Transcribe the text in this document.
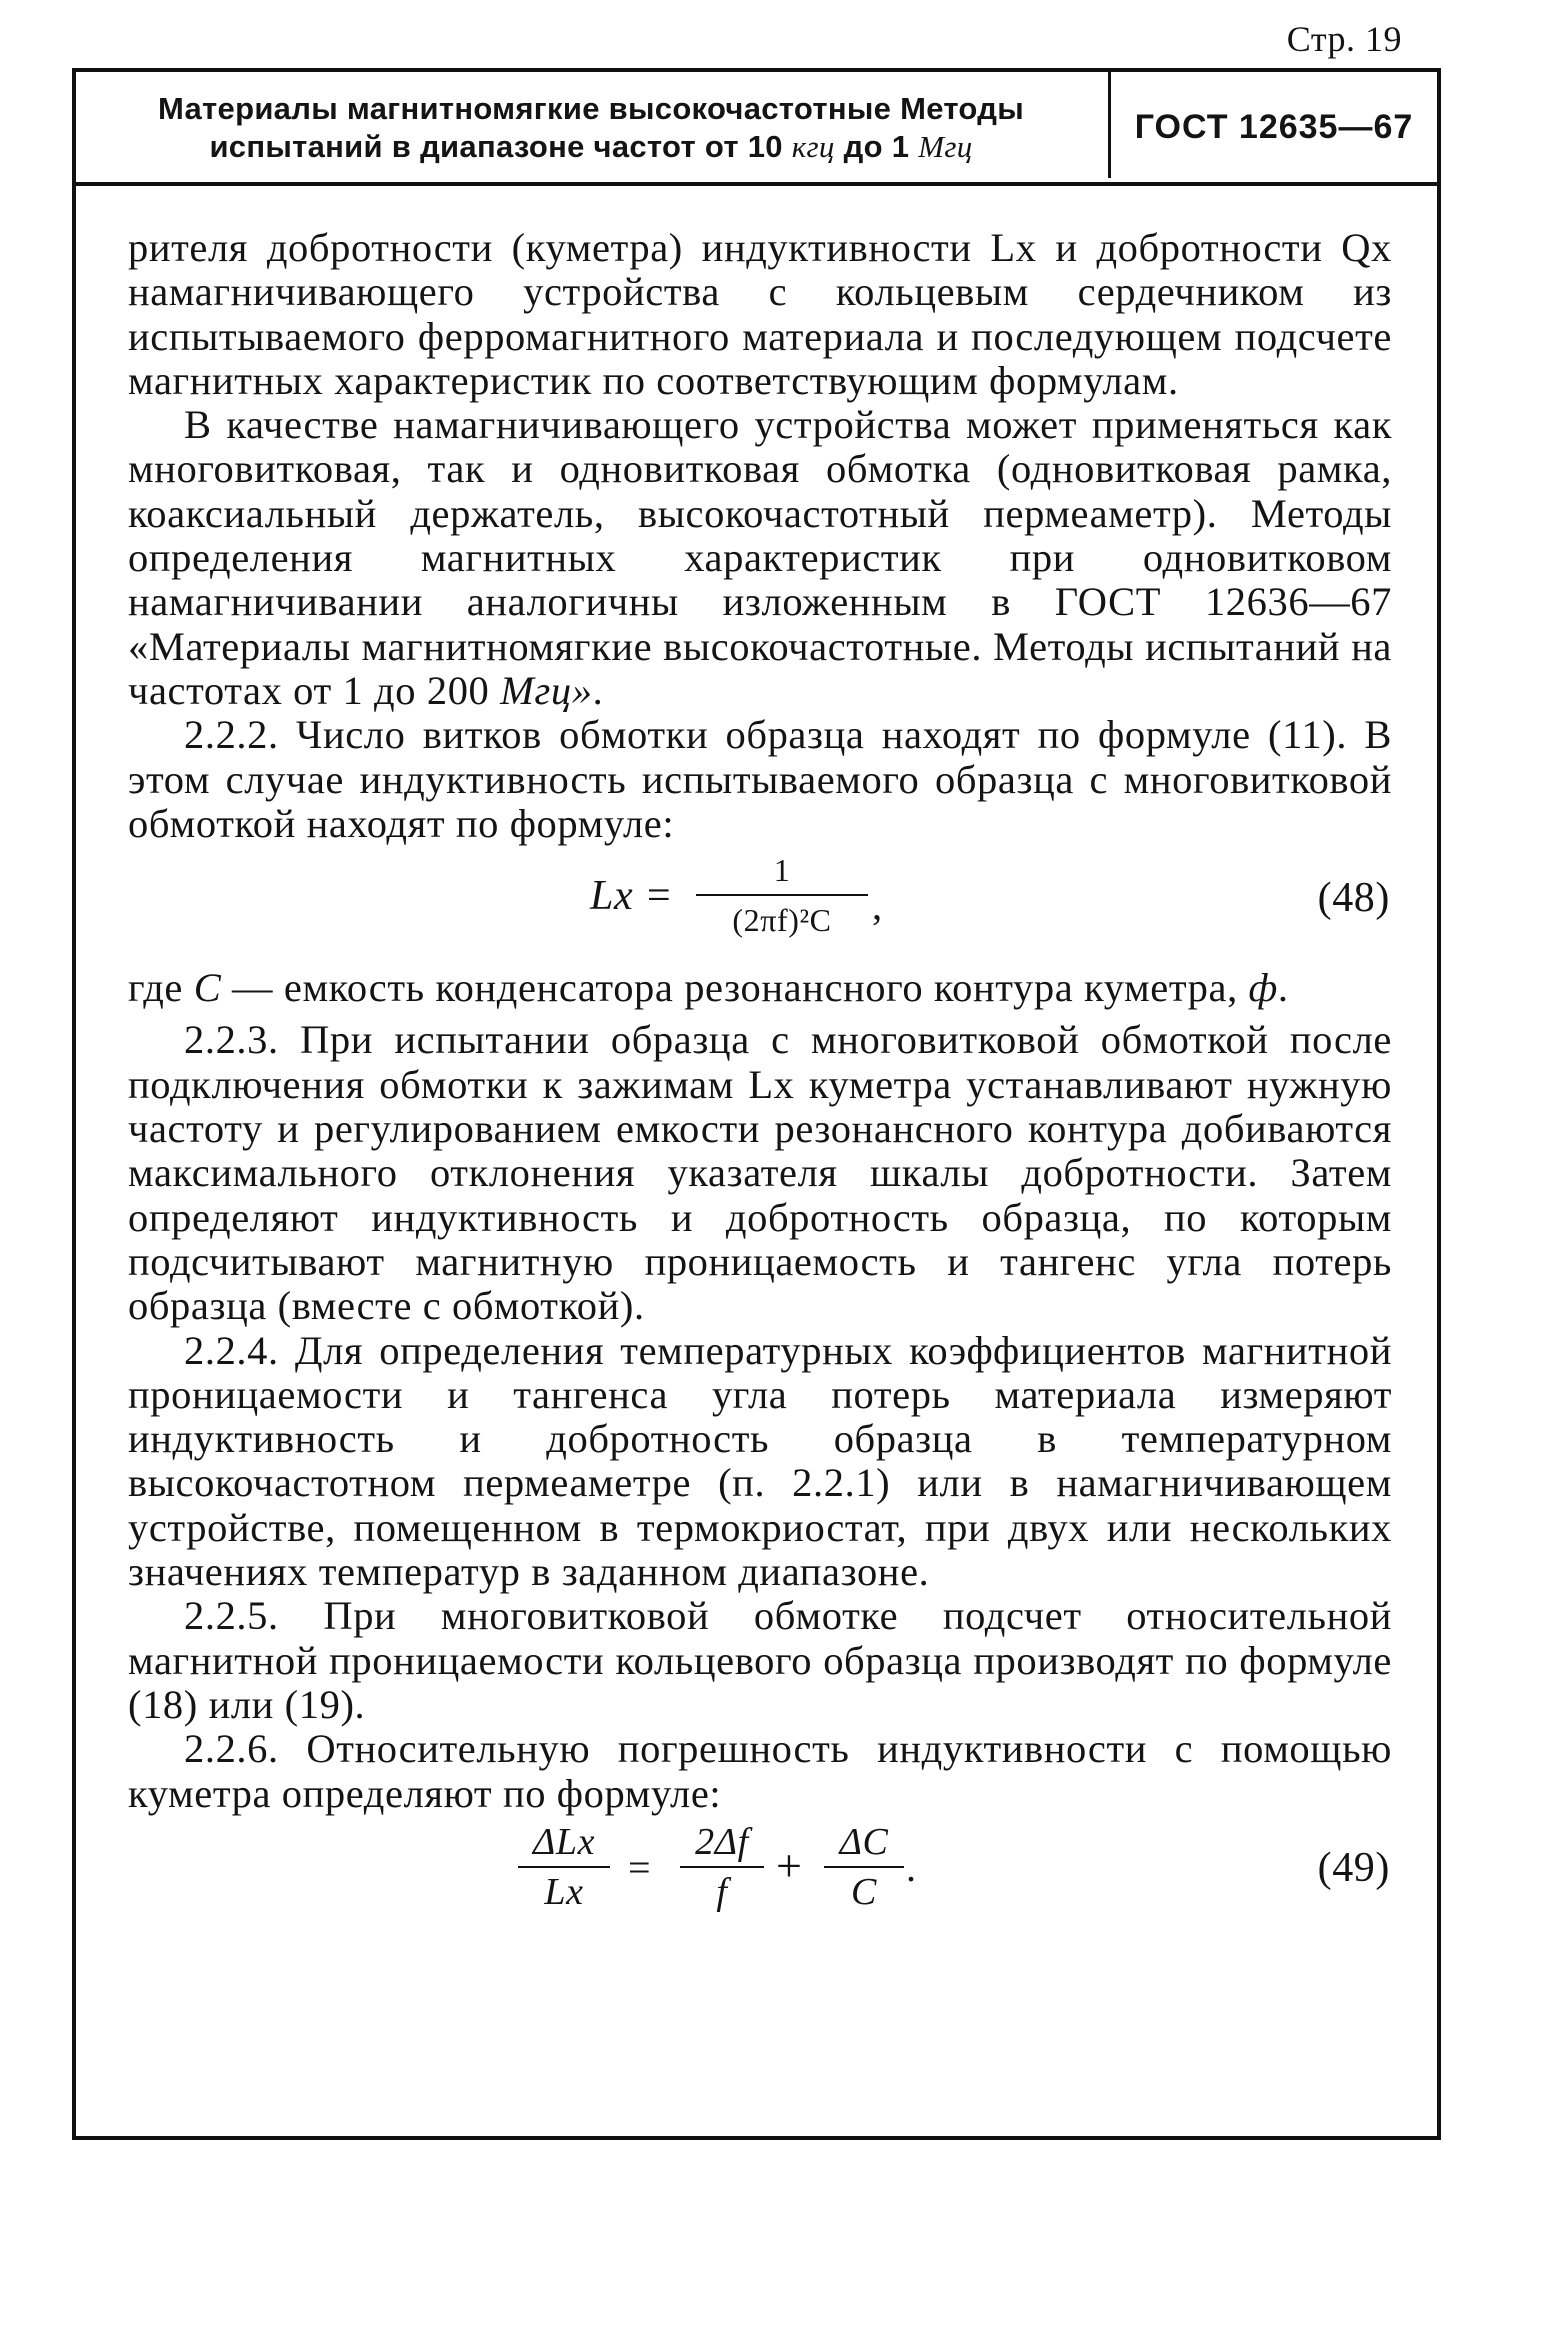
Стр. 19
Материалы магнитномягкие высокочастотные Методы
испытаний в диапазоне частот от 10 кгц до 1 Мгц
ГОСТ 12635—67

рителя добротности (куметра) индуктивности Lx и добротности Qx намагничивающего устройства с кольцевым сердечником из испытываемого ферромагнитного материала и последующем подсчете магнитных характеристик по соответствующим формулам.

В качестве намагничивающего устройства может применяться как многовитковая, так и одновитковая обмотка (одновитковая рамка, коаксиальный держатель, высокочастотный пермеаметр). Методы определения магнитных характеристик при одновитковом намагничивании аналогичны изложенным в ГОСТ 12636—67 «Материалы магнитномягкие высокочастотные. Методы испытаний на частотах от 1 до 200 Мгц».

2.2.2. Число витков обмотки образца находят по формуле (11). В этом случае индуктивность испытываемого образца с многовитковой обмоткой находят по формуле:

$Lx = \frac{1}{\text{(2πf)²C}}$ ,	(48)

где С — емкость конденсатора резонансного контура куметра, ф.

2.2.3. При испытании образца с многовитковой обмоткой после подключения обмотки к зажимам Lx куметра устанавливают нужную частоту и регулированием емкости резонансного контура добиваются максимального отклонения указателя шкалы добротности. Затем определяют индуктивность и добротность образца, по которым подсчитывают магнитную проницаемость и тангенс угла потерь образца (вместе с обмоткой).

2.2.4. Для определения температурных коэффициентов магнитной проницаемости и тангенса угла потерь материала измеряют индуктивность и добротность образца в температурном высокочастотном пермеаметре (п. 2.2.1) или в намагничивающем устройстве, помещенном в термокриостат, при двух или нескольких значениях температур в заданном диапазоне.

2.2.5. При многовитковой обмотке подсчет относительной магнитной проницаемости кольцевого образца производят по формуле (18) или (19).

2.2.6. Относительную погрешность индуктивности с помощью куметра определяют по формуле:

ΔLx
Lx
= $\frac{2\Delta f}{f} + \frac{\Delta C}{C}$ .	(49)
